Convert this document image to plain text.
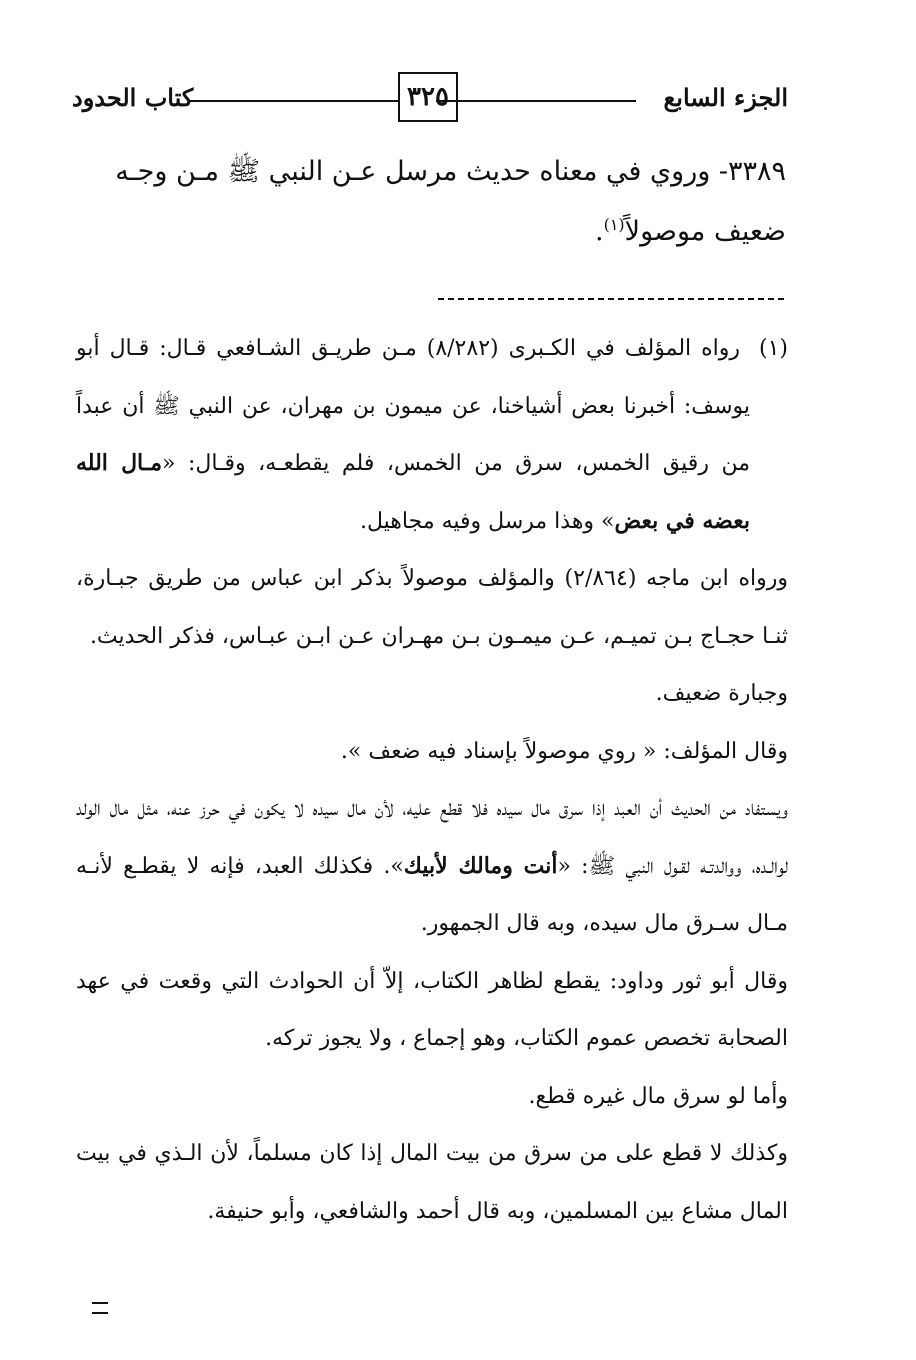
الجزء السابع
٣٢٥
كتاب الحدود

٣٣٨٩- وروي في معناه حديث مرسل عـن النبي ﷺ مـن وجـه

ضعيف موصولاً$^{(١)}$.

(١) رواه المؤلف في الكـبرى (٨/٢٨٢) مـن طريـق الشـافعي قـال: قـال أبو يوسف: أخبرنا بعض أشياخنا، عن ميمون بن مهران، عن النبي ﷺ أن عبداً من رقيق الخمس، سرق من الخمس، فلم يقطعـه، وقـال: «مـال الله بعضه في بعض» وهذا مرسل وفيه مجاهيل.

ورواه ابن ماجه (٢/٨٦٤) والمؤلف موصولاً بذكر ابن عباس من طريق جبـارة، ثنـا حجـاج بـن تميـم، عـن ميمـون بـن مهـران عـن ابـن عبـاس، فذكر الحديث.

وجبارة ضعيف.

وقال المؤلف: « روي موصولاً بإسناد فيه ضعف ».

ويستفاد من الحديث أن العبد إذا سرق مال سيده فلا قطع عليه، لأن مال سيده لا يكون في حرز عنه، مثل مال الولد لوالـده، ووالدتـه لقـول النبي ﷺ: «أنت ومالك لأبيك». فكذلك العبد، فإنه لا يقطـع لأنـه مـال سـرق مال سيده، وبه قال الجمهور.

وقال أبو ثور وداود: يقطع لظاهر الكتاب، إلاّ أن الحوادث التي وقعت في عهد الصحابة تخصص عموم الكتاب، وهو إجماع ، ولا يجوز تركه.

وأما لو سرق مال غيره قطع.

وكذلك لا قطع على من سرق من بيت المال إذا كان مسلماً، لأن الـذي في بيت المال مشاع بين المسلمين، وبه قال أحمد والشافعي، وأبو حنيفة.
